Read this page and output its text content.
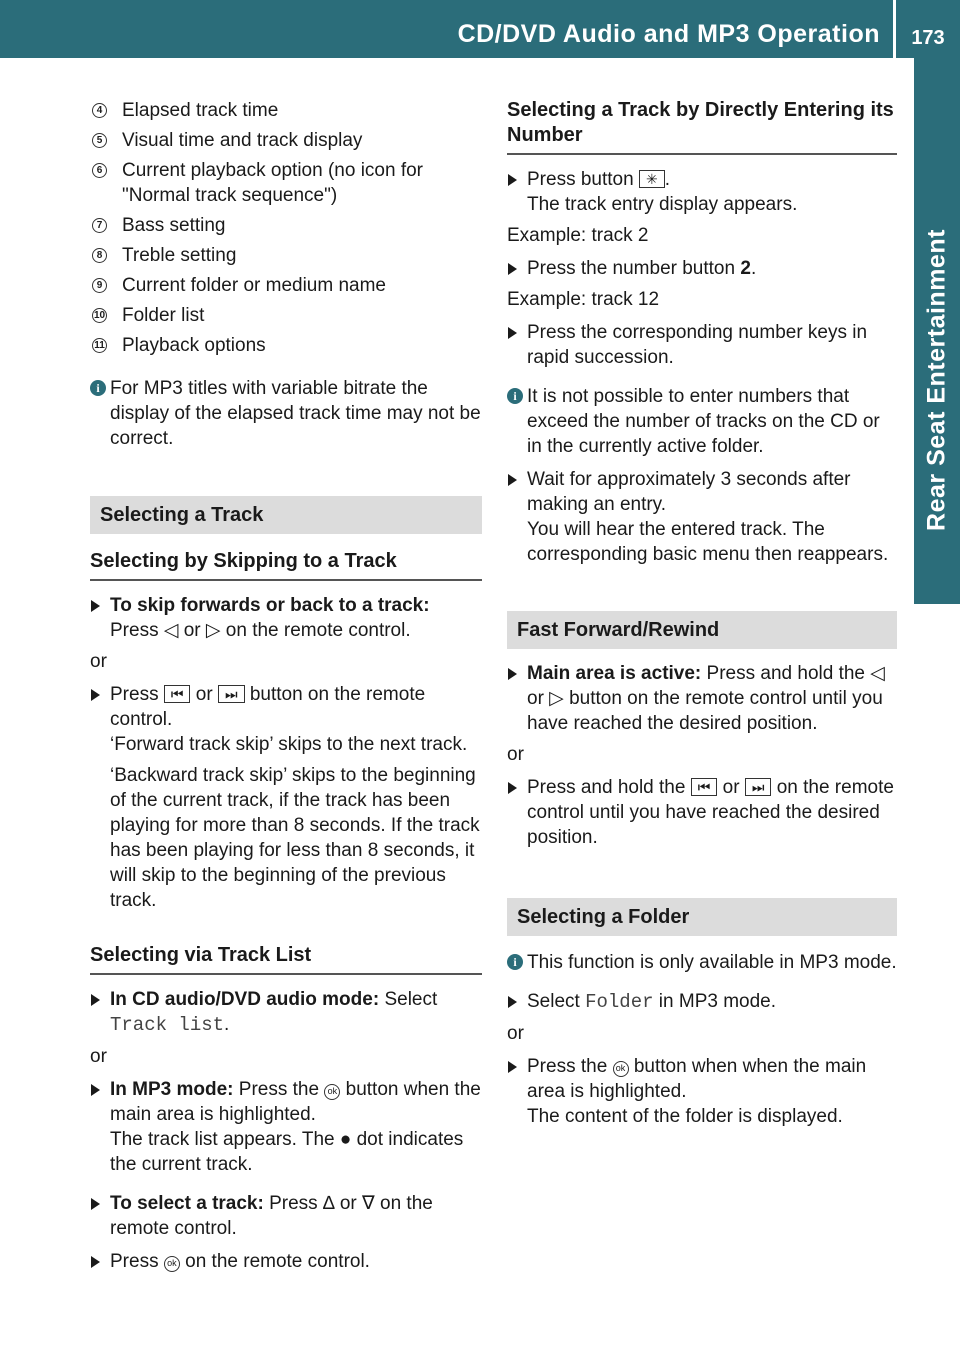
CD/DVD Audio and MP3 Operation	173
Rear Seat Entertainment
4 Elapsed track time
5 Visual time and track display
6 Current playback option (no icon for "Normal track sequence")
7 Bass setting
8 Treble setting
9 Current folder or medium name
10 Folder list
11 Playback options
i For MP3 titles with variable bitrate the display of the elapsed track time may not be correct.
Selecting a Track
Selecting by Skipping to a Track
To skip forwards or back to a track:
Press ◁ or ▷ on the remote control.
or
Press ⏮ or ⏭ button on the remote control.
‘Forward track skip’ skips to the next track.
‘Backward track skip’ skips to the beginning of the current track, if the track has been playing for more than 8 seconds. If the track has been playing for less than 8 seconds, it will skip to the beginning of the previous track.
Selecting via Track List
In CD audio/DVD audio mode: Select Track list.
or
In MP3 mode: Press the ok button when the main area is highlighted.
The track list appears. The ● dot indicates the current track.
To select a track: Press ∆ or ∇ on the remote control.
Press ok on the remote control.
Selecting a Track by Directly Entering its Number
Press button ✳ .
The track entry display appears.
Example: track 2
Press the number button 2.
Example: track 12
Press the corresponding number keys in rapid succession.
i It is not possible to enter numbers that exceed the number of tracks on the CD or in the currently active folder.
Wait for approximately 3 seconds after making an entry.
You will hear the entered track. The corresponding basic menu then reappears.
Fast Forward/Rewind
Main area is active: Press and hold the ◁ or ▷ button on the remote control until you have reached the desired position.
or
Press and hold the ⏮ or ⏭ on the remote control until you have reached the desired position.
Selecting a Folder
i This function is only available in MP3 mode.
Select Folder in MP3 mode.
or
Press the ok button when when the main area is highlighted.
The content of the folder is displayed.
